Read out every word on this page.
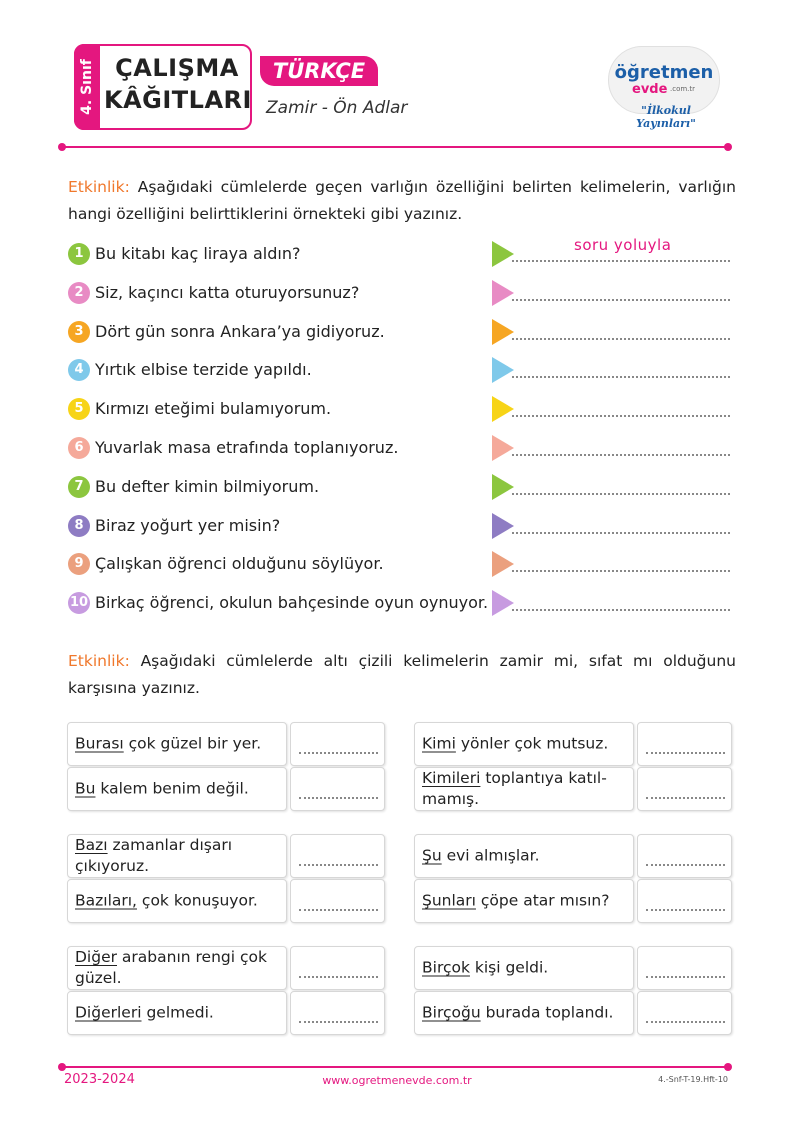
4. Sınıf ÇALIŞMA
KÂĞITLARI
TÜRKÇE
Zamir - Ön Adlar
öğretmen
evde .com.tr
"İlkokul Yayınları"
Etkinlik: Aşağıdaki cümlelerde geçen varlığın özelliğini belirten kelimelerin, varlığın hangi özelliğini belirttiklerini örnekteki gibi yazınız.
1 Bu kitabı kaç liraya aldın?	soru yoluyla
2 Siz, kaçıncı katta oturuyorsunuz?
3 Dört gün sonra Ankara’ya gidiyoruz.
4 Yırtık elbise terzide yapıldı.
5 Kırmızı eteğimi bulamıyorum.
6 Yuvarlak masa etrafında toplanıyoruz.
7 Bu defter kimin bilmiyorum.
8 Biraz yoğurt yer misin?
9 Çalışkan öğrenci olduğunu söylüyor.
10 Birkaç öğrenci, okulun bahçesinde oyun oynuyor.
Etkinlik: Aşağıdaki cümlelerde altı çizili kelimelerin zamir mi, sıfat mı olduğunu karşısına yazınız.
Burası çok güzel bir yer.
Bu kalem benim değil.
Bazı zamanlar dışarı çıkıyoruz.
Bazıları, çok konuşuyor.
Diğer arabanın rengi çok güzel.
Diğerleri gelmedi.
Kimi yönler çok mutsuz.
Kimileri toplantıya katıl-mamış.
Şu evi almışlar.
Şunları çöpe atar mısın?
Birçok kişi geldi.
Birçoğu burada toplandı.
2023-2024	www.ogretmenevde.com.tr	4.-Snf-T-19.Hft-10
